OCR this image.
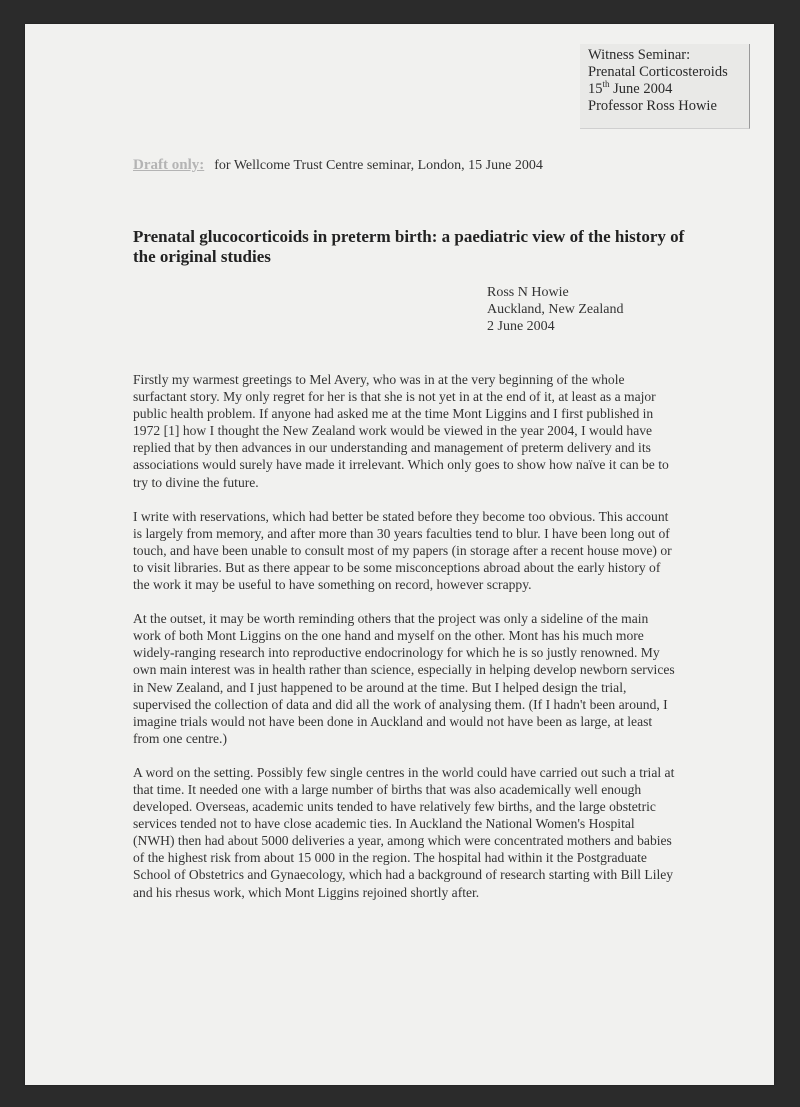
Witness Seminar:
Prenatal Corticosteroids
15th June 2004
Professor Ross Howie
Draft only: for Wellcome Trust Centre seminar, London, 15 June 2004
Prenatal glucocorticoids in preterm birth: a paediatric view of the history of the original studies
Ross N Howie
Auckland, New Zealand
2 June 2004

Firstly my warmest greetings to Mel Avery, who was in at the very beginning of the whole surfactant story. My only regret for her is that she is not yet in at the end of it, at least as a major public health problem. If anyone had asked me at the time Mont Liggins and I first published in 1972 [1] how I thought the New Zealand work would be viewed in the year 2004, I would have replied that by then advances in our understanding and management of preterm delivery and its associations would surely have made it irrelevant. Which only goes to show how naïve it can be to try to divine the future.

I write with reservations, which had better be stated before they become too obvious. This account is largely from memory, and after more than 30 years faculties tend to blur. I have been long out of touch, and have been unable to consult most of my papers (in storage after a recent house move) or to visit libraries. But as there appear to be some misconceptions abroad about the early history of the work it may be useful to have something on record, however scrappy.

At the outset, it may be worth reminding others that the project was only a sideline of the main work of both Mont Liggins on the one hand and myself on the other. Mont has his much more widely-ranging research into reproductive endocrinology for which he is so justly renowned. My own main interest was in health rather than science, especially in helping develop newborn services in New Zealand, and I just happened to be around at the time. But I helped design the trial, supervised the collection of data and did all the work of analysing them. (If I hadn't been around, I imagine trials would not have been done in Auckland and would not have been as large, at least from one centre.)

A word on the setting. Possibly few single centres in the world could have carried out such a trial at that time. It needed one with a large number of births that was also academically well enough developed. Overseas, academic units tended to have relatively few births, and the large obstetric services tended not to have close academic ties. In Auckland the National Women's Hospital (NWH) then had about 5000 deliveries a year, among which were concentrated mothers and babies of the highest risk from about 15 000 in the region. The hospital had within it the Postgraduate School of Obstetrics and Gynaecology, which had a background of research starting with Bill Liley and his rhesus work, which Mont Liggins rejoined shortly after.
